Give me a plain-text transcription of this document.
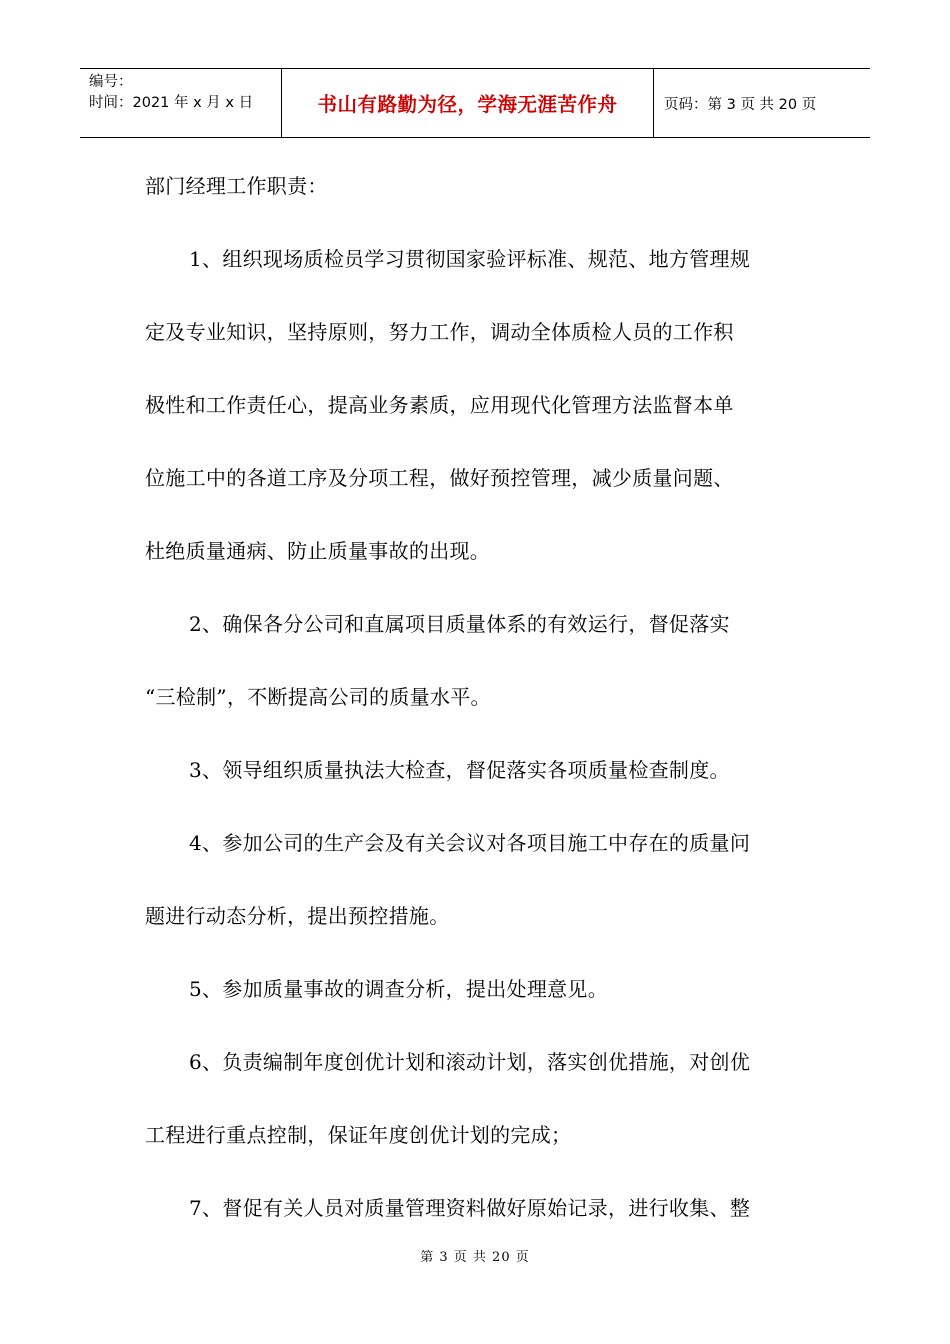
编号：
时间：2021 年 x 月 x 日	书山有路勤为径，学海无涯苦作舟	页码：第 3 页 共 20 页
部门经理工作职责：
1、组织现场质检员学习贯彻国家验评标准、规范、地方管理规
定及专业知识，坚持原则，努力工作，调动全体质检人员的工作积
极性和工作责任心，提高业务素质，应用现代化管理方法监督本单
位施工中的各道工序及分项工程，做好预控管理，减少质量问题、
杜绝质量通病、防止质量事故的出现。
2、确保各分公司和直属项目质量体系的有效运行，督促落实
“三检制”，不断提高公司的质量水平。
3、领导组织质量执法大检查，督促落实各项质量检查制度。
4、参加公司的生产会及有关会议对各项目施工中存在的质量问
题进行动态分析，提出预控措施。
5、参加质量事故的调查分析，提出处理意见。
6、负责编制年度创优计划和滚动计划，落实创优措施，对创优
工程进行重点控制，保证年度创优计划的完成；
7、督促有关人员对质量管理资料做好原始记录，进行收集、整
第 3 页 共 20 页
